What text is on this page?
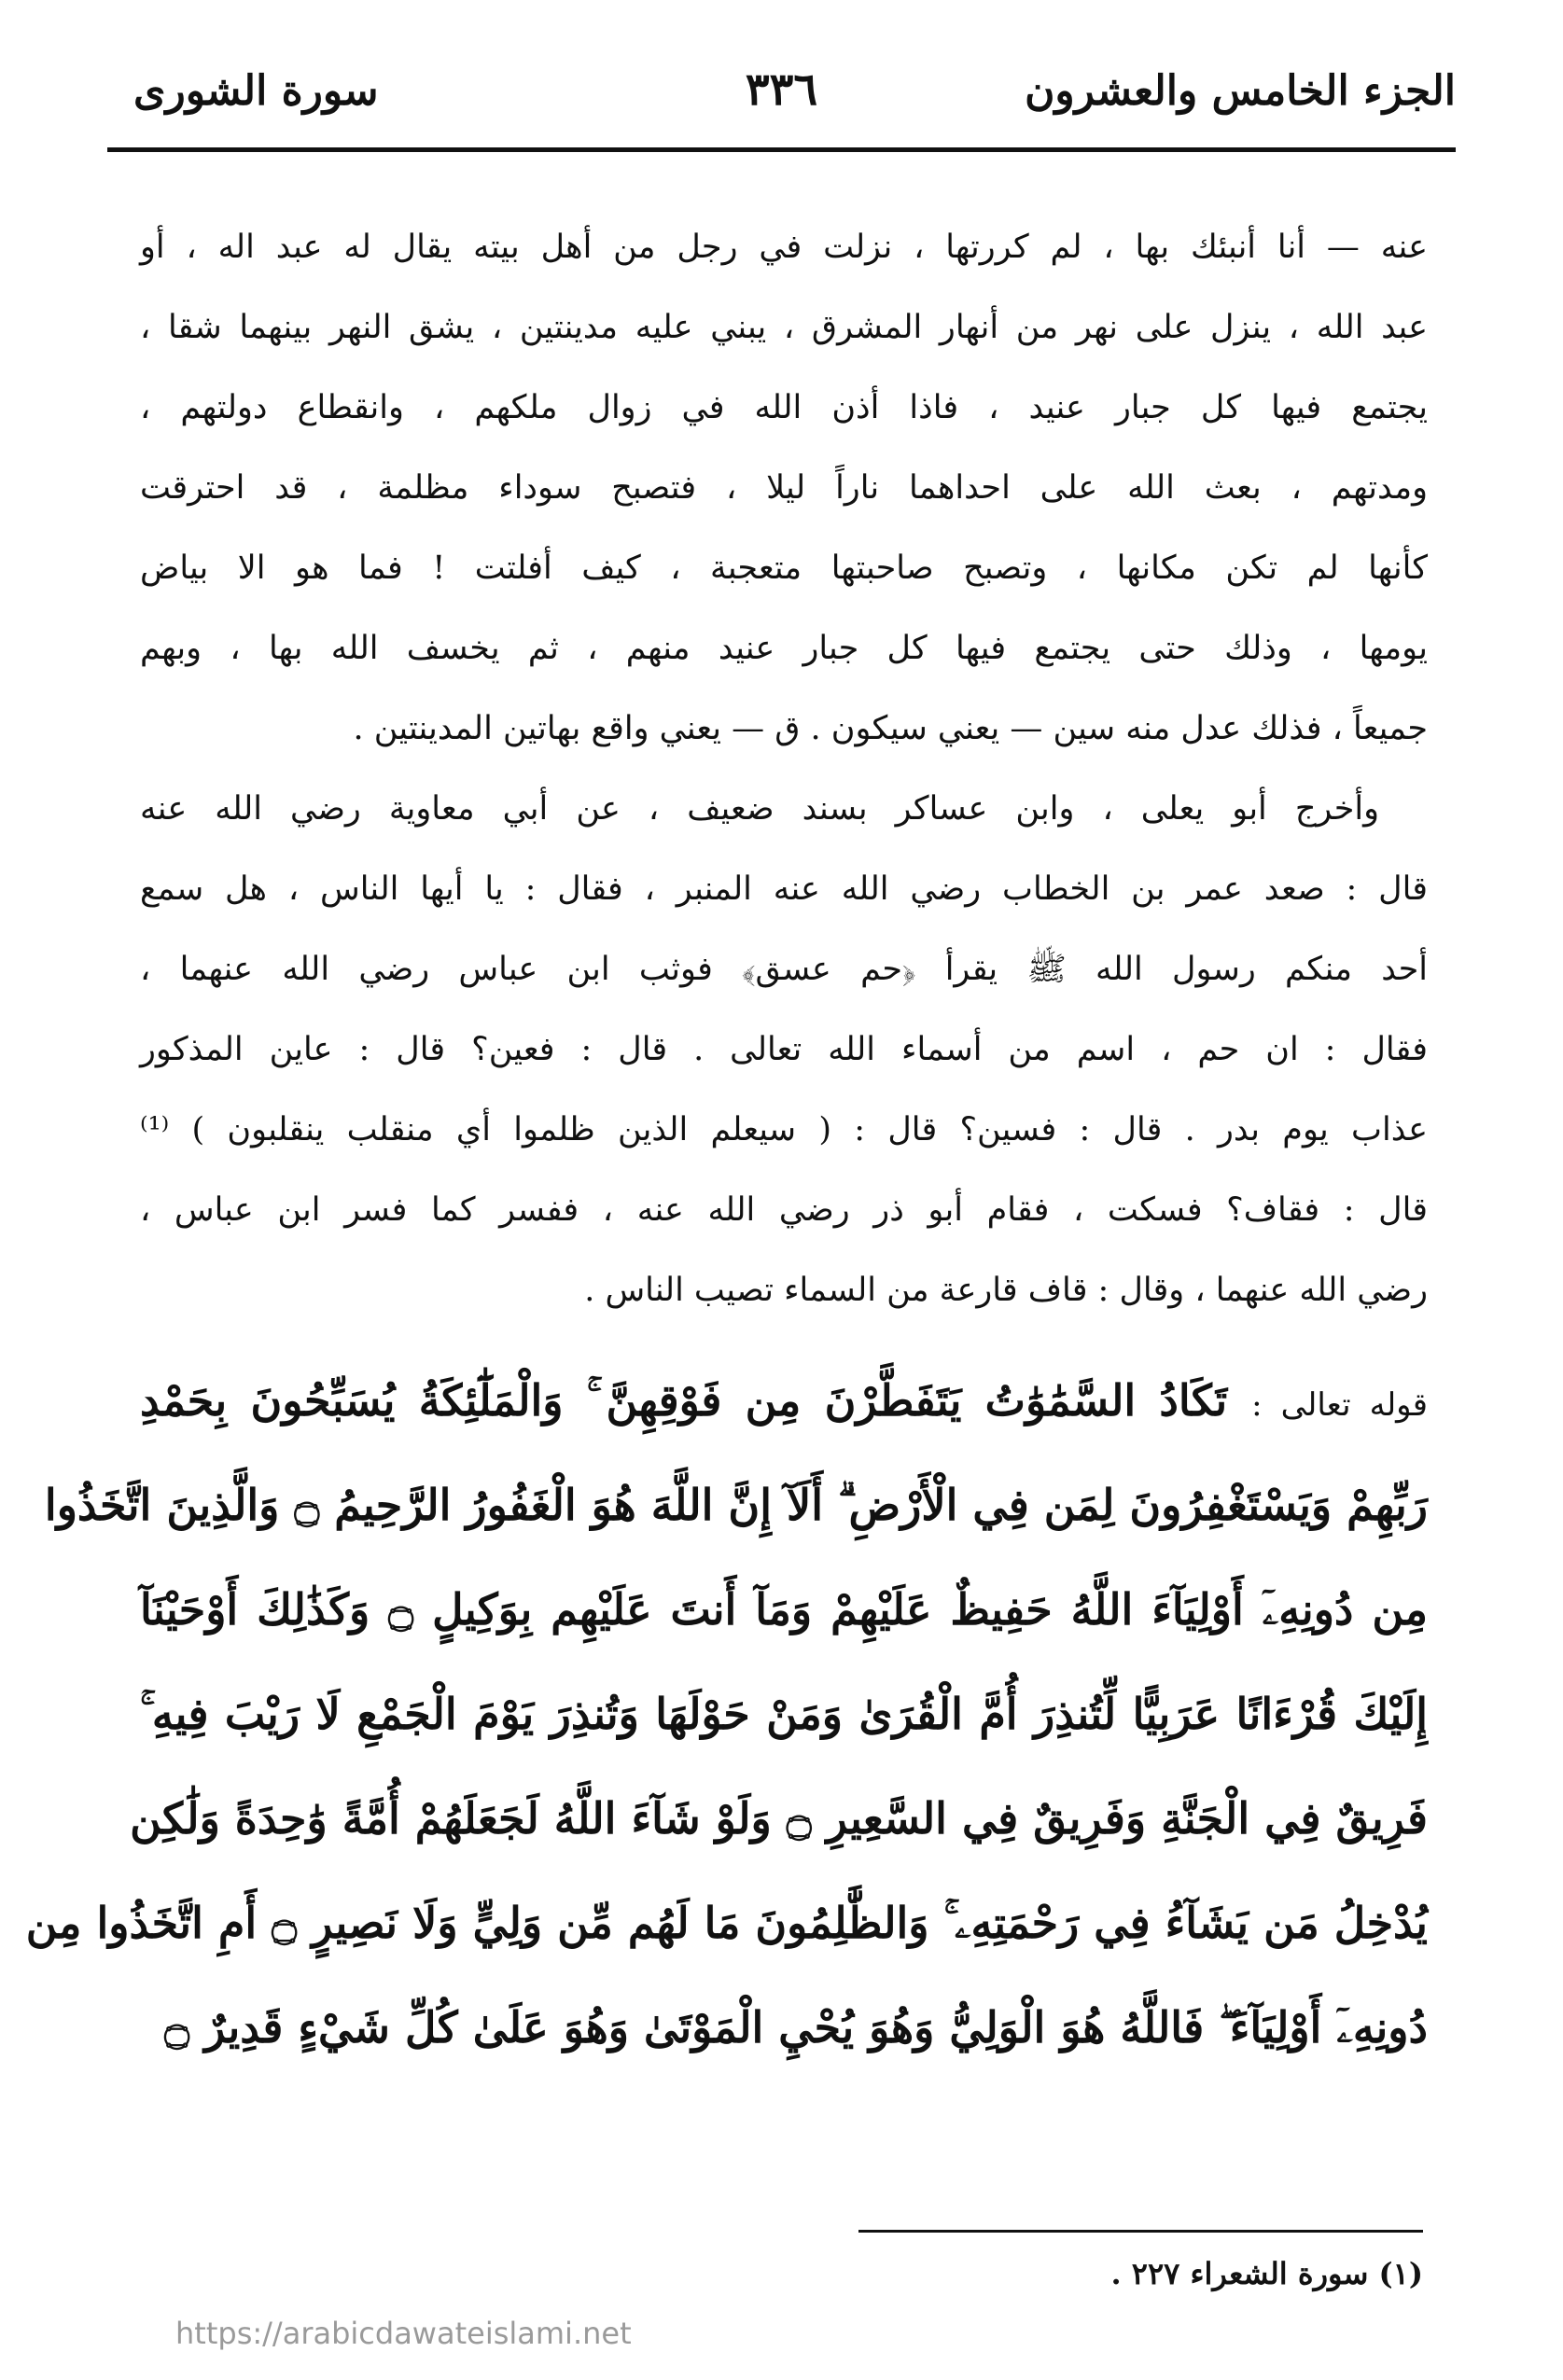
الجزء الخامس والعشرون
٣٣٦
سورة الشورى
عنه — أنا أنبئك بها ، لم كررتها ، نزلت في رجل من أهل بيته يقال له عبد اله ، أو
عبد الله ، ينزل على نهر من أنهار المشرق ، يبني عليه مدينتين ، يشق النهر بينهما شقا ،
يجتمع فيها كل جبار عنيد ، فاذا أذن الله في زوال ملكهم ، وانقطاع دولتهم ،
ومدتهم ، بعث الله على احداهما ناراً ليلا ، فتصبح سوداء مظلمة ، قد احترقت
كأنها لم تكن مكانها ، وتصبح صاحبتها متعجبة ، كيف أفلتت ! فما هو الا بياض
يومها ، وذلك حتى يجتمع فيها كل جبار عنيد منهم ، ثم يخسف الله بها ، وبهم
جميعاً ، فذلك عدل منه سين — يعني سيكون . ق — يعني واقع بهاتين المدينتين .
وأخرج أبو يعلى ، وابن عساكر بسند ضعيف ، عن أبي معاوية رضي الله عنه
قال : صعد عمر بن الخطاب رضي الله عنه المنبر ، فقال : يا أيها الناس ، هل سمع
أحد منكم رسول الله ﷺ يقرأ ﴿حم عسق﴾ فوثب ابن عباس رضي الله عنهما ،
فقال : ان حم ، اسم من أسماء الله تعالى . قال : فعين؟ قال : عاين المذكور
عذاب يوم بدر . قال : فسين؟ قال : ( سيعلم الذين ظلموا أي منقلب ينقلبون ) ⁽¹⁾
قال : فقاف؟ فسكت ، فقام أبو ذر رضي الله عنه ، ففسر كما فسر ابن عباس ،
رضي الله عنهما ، وقال : قاف قارعة من السماء تصيب الناس .
قوله تعالى :تَكَادُ السَّمَٰوَٰتُ يَتَفَطَّرْنَ مِن فَوْقِهِنَّ ۚ وَالْمَلَٰٓئِكَةُ يُسَبِّحُونَ بِحَمْدِ
رَبِّهِمْ وَيَسْتَغْفِرُونَ لِمَن فِي الْأَرْضِ ۗ أَلَآ إِنَّ اللَّهَ هُوَ الْغَفُورُ الرَّحِيمُ ۝ وَالَّذِينَ اتَّخَذُوا
مِن دُونِهِۦٓ أَوْلِيَآءَ اللَّهُ حَفِيظٌ عَلَيْهِمْ وَمَآ أَنتَ عَلَيْهِم بِوَكِيلٍ ۝ وَكَذَٰلِكَ أَوْحَيْنَآ
إِلَيْكَ قُرْءَانًا عَرَبِيًّا لِّتُنذِرَ أُمَّ الْقُرَىٰ وَمَنْ حَوْلَهَا وَتُنذِرَ يَوْمَ الْجَمْعِ لَا رَيْبَ فِيهِ ۚ
فَرِيقٌ فِي الْجَنَّةِ وَفَرِيقٌ فِي السَّعِيرِ ۝ وَلَوْ شَآءَ اللَّهُ لَجَعَلَهُمْ أُمَّةً وَٰحِدَةً وَلَٰكِن
يُدْخِلُ مَن يَشَآءُ فِي رَحْمَتِهِۦ ۚ وَالظَّٰلِمُونَ مَا لَهُم مِّن وَلِيٍّ وَلَا نَصِيرٍ ۝ أَمِ اتَّخَذُوا مِن
دُونِهِۦٓ أَوْلِيَآءَ ۖ فَاللَّهُ هُوَ الْوَلِيُّ وَهُوَ يُحْيِ الْمَوْتَىٰ وَهُوَ عَلَىٰ كُلِّ شَيْءٍ قَدِيرٌ ۝
(١) سورة الشعراء ٢٢٧ .
https://arabicdawateislami.net
